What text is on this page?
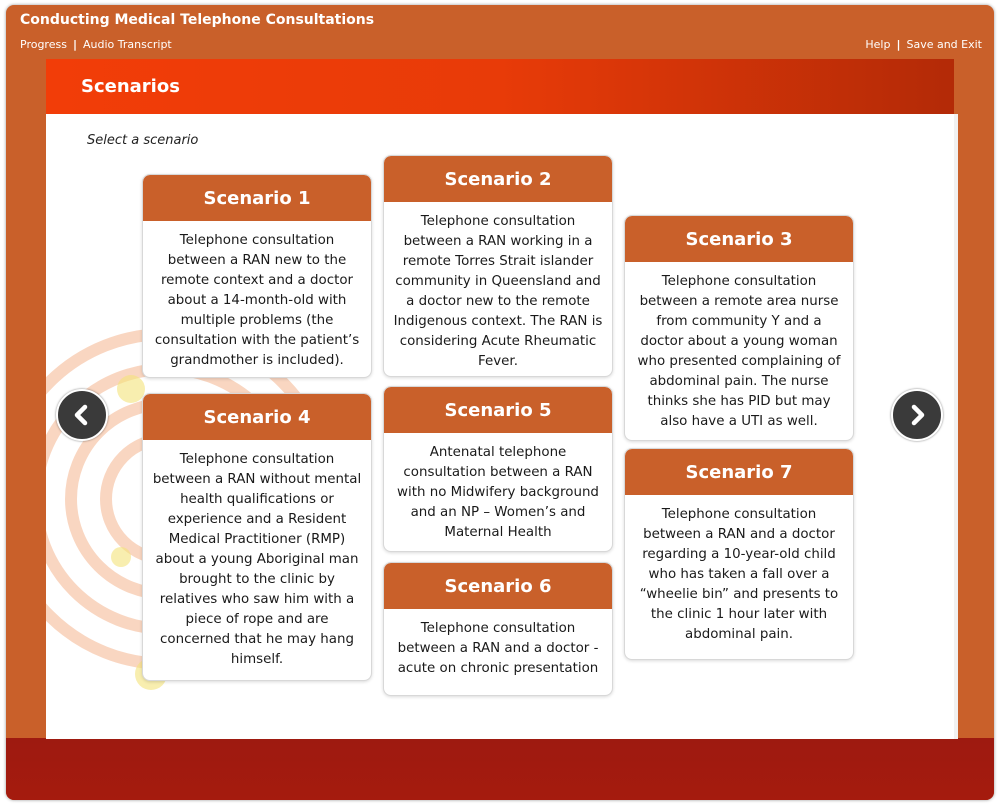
Conducting Medical Telephone Consultations
Progress | Audio Transcript	Help | Save and Exit
Scenarios
Select a scenario
Scenario 1
Telephone consultation between a RAN new to the remote context and a doctor about a 14-month-old with multiple problems (the consultation with the patient’s grandmother is included).
Scenario 4
Telephone consultation between a RAN without mental health qualifications or experience and a Resident Medical Practitioner (RMP) about a young Aboriginal man brought to the clinic by relatives who saw him with a piece of rope and are concerned that he may hang himself.
Scenario 2
Telephone consultation between a RAN working in a remote Torres Strait islander community in Queensland and a doctor new to the remote Indigenous context. The RAN is considering Acute Rheumatic Fever.
Scenario 5
Antenatal telephone consultation between a RAN with no Midwifery background and an NP – Women’s and Maternal Health
Scenario 6
Telephone consultation between a RAN and a doctor - acute on chronic presentation
Scenario 3
Telephone consultation between a remote area nurse from community Y and a doctor about a young woman who presented complaining of abdominal pain. The nurse thinks she has PID but may also have a UTI as well.
Scenario 7
Telephone consultation between a RAN and a doctor regarding a 10-year-old child who has taken a fall over a “wheelie bin” and presents to the clinic 1 hour later with abdominal pain.
